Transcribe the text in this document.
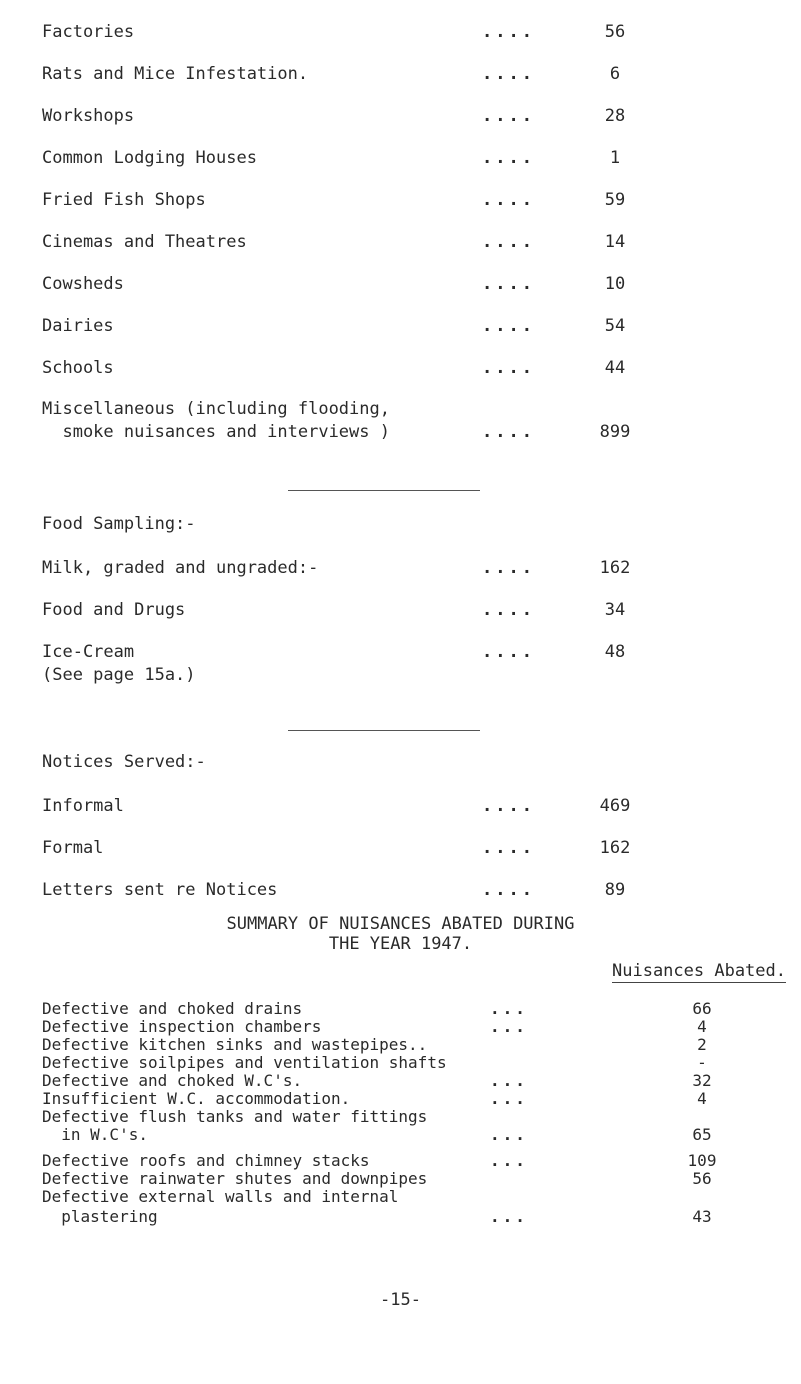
Factories	....	56
Rats and Mice Infestation.	....	6
Workshops	....	28
Common Lodging Houses	....	1
Fried Fish Shops	....	59
Cinemas and Theatres	....	14
Cowsheds	....	10
Dairies	....	54
Schools	....	44
Miscellaneous (including flooding,
smoke nuisances and interviews )	....	899
Food Sampling:-
Milk, graded and ungraded:-	....	162
Food and Drugs	....	34
Ice-Cream	....	48
(See page 15a.)
Notices Served:-
Informal	....	469
Formal	....	162
Letters sent re Notices	....	89
SUMMARY OF NUISANCES ABATED DURING
THE YEAR 1947.
Nuisances Abated.
Defective and choked drains	...	66
Defective inspection chambers	...	4
Defective kitchen sinks and wastepipes..	2
Defective soilpipes and ventilation shafts	-
Defective and choked W.C's.	...	32
Insufficient W.C. accommodation.	...	4
Defective flush tanks and water fittings
in W.C's.	...	65
Defective roofs and chimney stacks	...	109
Defective rainwater shutes and downpipes	56
Defective external walls and internal
plastering	...	43
-15-
